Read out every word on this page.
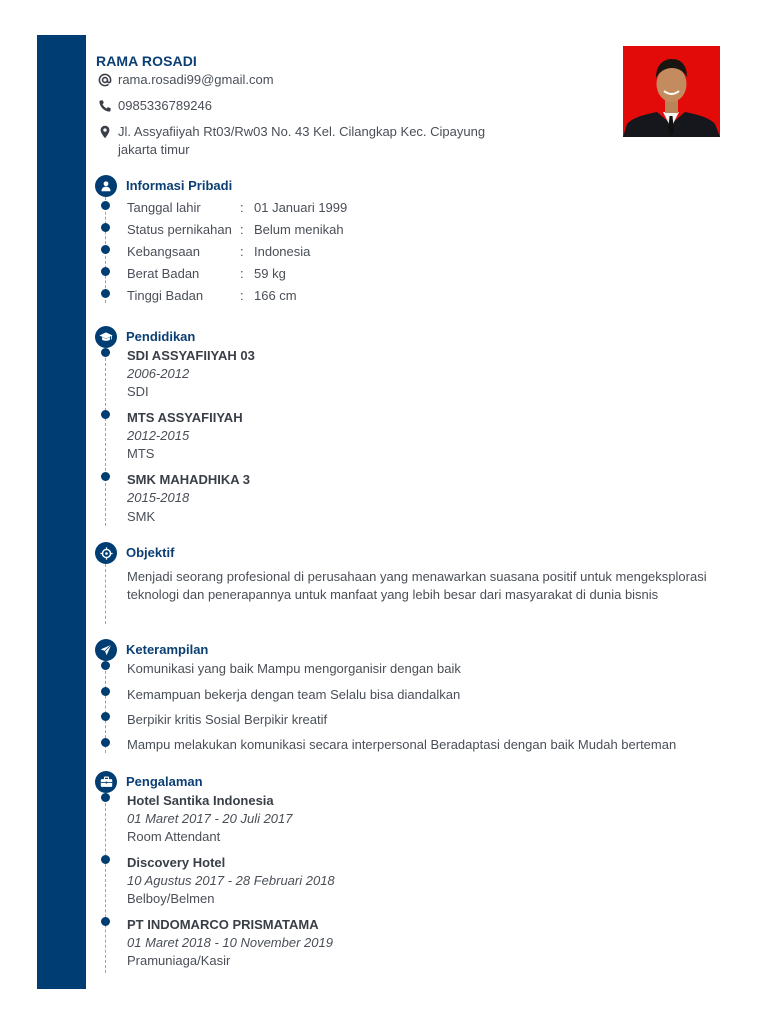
RAMA ROSADI
rama.rosadi99@gmail.com
0985336789246
Jl. Assyafiiyah Rt03/Rw03 No. 43 Kel. Cilangkap Kec. Cipayung
jakarta timur
Informasi Pribadi
Tanggal lahir	: 01 Januari 1999
Status pernikahan : Belum menikah
Kebangsaan	: Indonesia
Berat Badan	: 59 kg
Tinggi Badan	: 166 cm
Pendidikan
SDI ASSYAFIIYAH 03
2006-2012
SDI
MTS ASSYAFIIYAH
2012-2015
MTS
SMK MAHADHIKA 3
2015-2018
SMK
Objektif
Menjadi seorang profesional di perusahaan yang menawarkan suasana positif untuk mengeksplorasi teknologi dan penerapannya untuk manfaat yang lebih besar dari masyarakat di dunia bisnis
Keterampilan
Komunikasi yang baik Mampu mengorganisir dengan baik
Kemampuan bekerja dengan team Selalu bisa diandalkan
Berpikir kritis Sosial Berpikir kreatif
Mampu melakukan komunikasi secara interpersonal Beradaptasi dengan baik Mudah berteman
Pengalaman
Hotel Santika Indonesia
01 Maret 2017 - 20 Juli 2017
Room Attendant
Discovery Hotel
10 Agustus 2017 - 28 Februari 2018
Belboy/Belmen
PT INDOMARCO PRISMATAMA
01 Maret 2018 - 10 November 2019
Pramuniaga/Kasir
